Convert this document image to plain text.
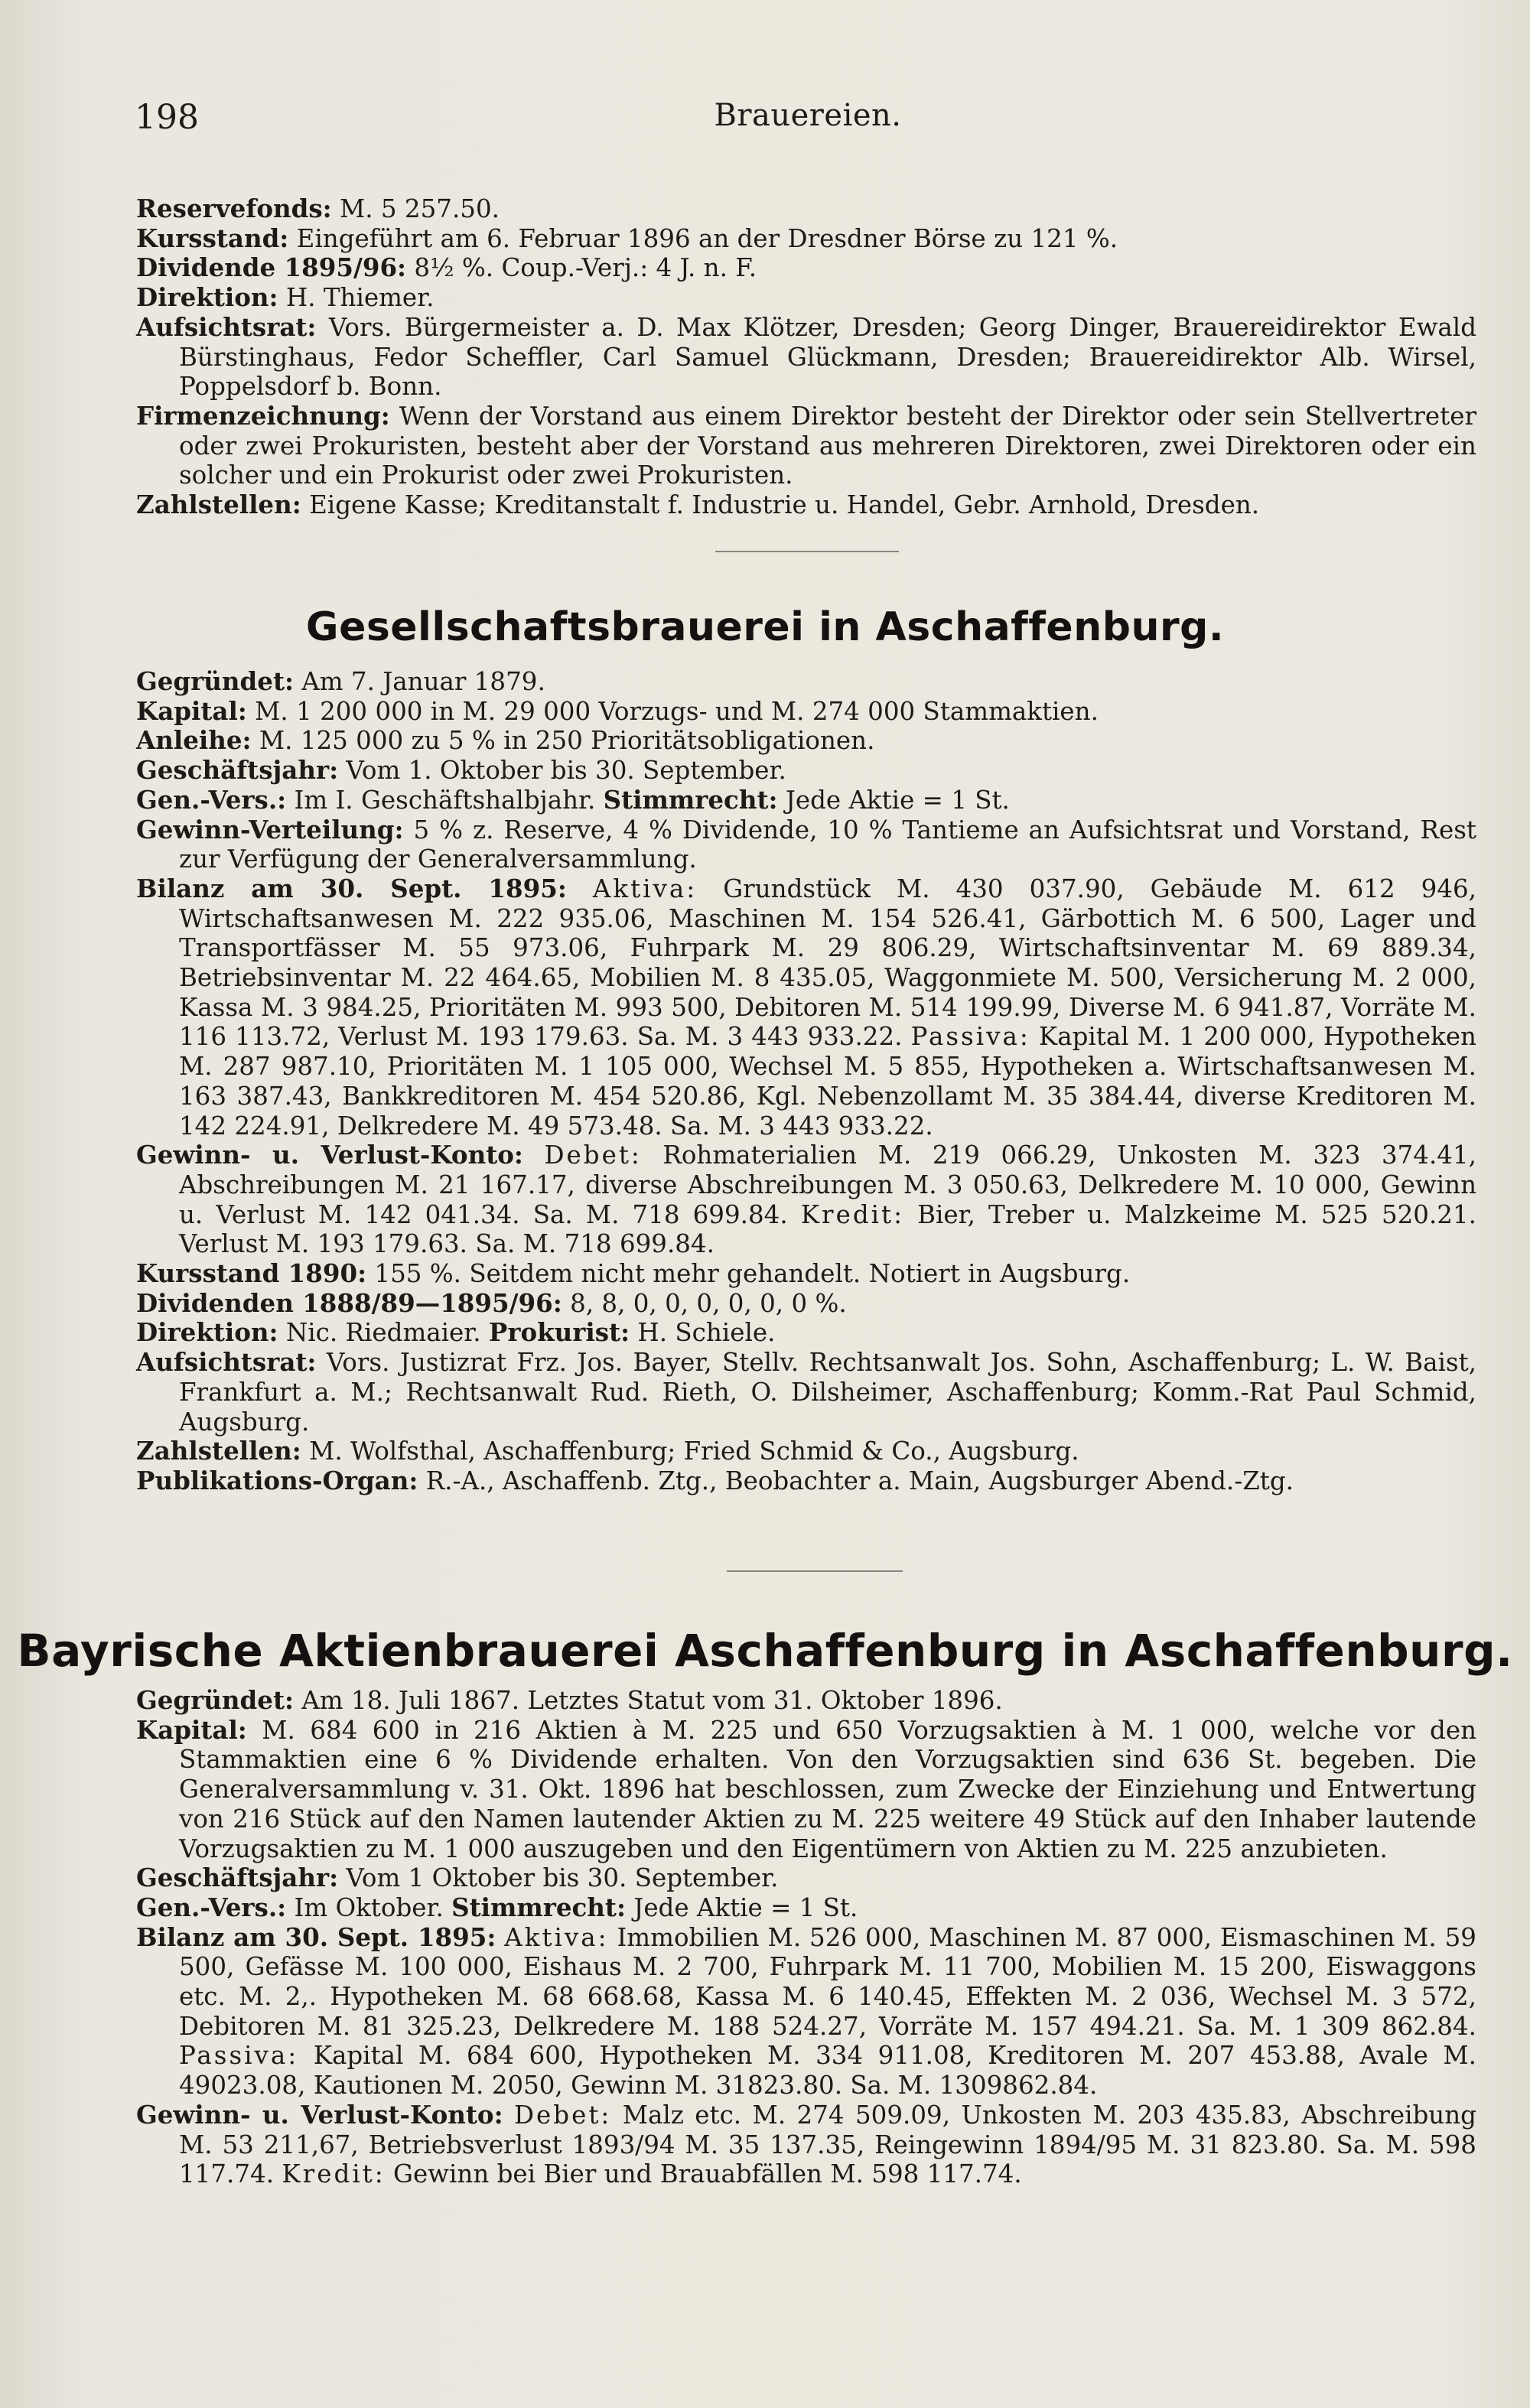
198	Brauereien.

Reservefonds: M. 5 257.50.

Kursstand: Eingeführt am 6. Februar 1896 an der Dresdner Börse zu 121 %.

Dividende 1895/96: 8½ %. Coup.-Verj.: 4 J. n. F.

Direktion: H. Thiemer.

Aufsichtsrat: Vors. Bürgermeister a. D. Max Klötzer, Dresden; Georg Dinger, Brauereidirektor Ewald Bürstinghaus, Fedor Scheffler, Carl Samuel Glückmann, Dresden; Brauereidirektor Alb. Wirsel, Poppelsdorf b. Bonn.

Firmenzeichnung: Wenn der Vorstand aus einem Direktor besteht der Direktor oder sein Stellvertreter oder zwei Prokuristen, besteht aber der Vorstand aus mehreren Direktoren, zwei Direktoren oder ein solcher und ein Prokurist oder zwei Prokuristen.

Zahlstellen: Eigene Kasse; Kreditanstalt f. Industrie u. Handel, Gebr. Arnhold, Dresden.

Gesellschaftsbrauerei in Aschaffenburg.

Gegründet: Am 7. Januar 1879.

Kapital: M. 1 200 000 in M. 29 000 Vorzugs- und M. 274 000 Stammaktien.

Anleihe: M. 125 000 zu 5 % in 250 Prioritätsobligationen.

Geschäftsjahr: Vom 1. Oktober bis 30. September.

Gen.-Vers.: Im I. Geschäftshalbjahr. Stimmrecht: Jede Aktie = 1 St.

Gewinn-Verteilung: 5 % z. Reserve, 4 % Dividende, 10 % Tantieme an Aufsichtsrat und Vorstand, Rest zur Verfügung der Generalversammlung.

Bilanz am 30. Sept. 1895: Aktiva: Grundstück M. 430 037.90, Gebäude M. 612 946, Wirtschaftsanwesen M. 222 935.06, Maschinen M. 154 526.41, Gärbottich M. 6 500, Lager und Transportfässer M. 55 973.06, Fuhrpark M. 29 806.29, Wirtschaftsinventar M. 69 889.34, Betriebsinventar M. 22 464.65, Mobilien M. 8 435.05, Waggonmiete M. 500, Versicherung M. 2 000, Kassa M. 3 984.25, Prioritäten M. 993 500, Debitoren M. 514 199.99, Diverse M. 6 941.87, Vorräte M. 116 113.72, Verlust M. 193 179.63. Sa. M. 3 443 933.22. Passiva: Kapital M. 1 200 000, Hypotheken M. 287 987.10, Prioritäten M. 1 105 000, Wechsel M. 5 855, Hypotheken a. Wirtschaftsanwesen M. 163 387.43, Bankkreditoren M. 454 520.86, Kgl. Nebenzollamt M. 35 384.44, diverse Kreditoren M. 142 224.91, Delkredere M. 49 573.48. Sa. M. 3 443 933.22.

Gewinn- u. Verlust-Konto: Debet: Rohmaterialien M. 219 066.29, Unkosten M. 323 374.41, Abschreibungen M. 21 167.17, diverse Abschreibungen M. 3 050.63, Delkredere M. 10 000, Gewinn u. Verlust M. 142 041.34. Sa. M. 718 699.84. Kredit: Bier, Treber u. Malzkeime M. 525 520.21. Verlust M. 193 179.63. Sa. M. 718 699.84.

Kursstand 1890: 155 %. Seitdem nicht mehr gehandelt. Notiert in Augsburg.

Dividenden 1888/89—1895/96: 8, 8, 0, 0, 0, 0, 0, 0 %.

Direktion: Nic. Riedmaier. Prokurist: H. Schiele.

Aufsichtsrat: Vors. Justizrat Frz. Jos. Bayer, Stellv. Rechtsanwalt Jos. Sohn, Aschaffenburg; L. W. Baist, Frankfurt a. M.; Rechtsanwalt Rud. Rieth, O. Dilsheimer, Aschaffenburg; Komm.-Rat Paul Schmid, Augsburg.

Zahlstellen: M. Wolfsthal, Aschaffenburg; Fried Schmid & Co., Augsburg.

Publikations-Organ: R.-A., Aschaffenb. Ztg., Beobachter a. Main, Augsburger Abend.-Ztg.

Bayrische Aktienbrauerei Aschaffenburg in Aschaffenburg.

Gegründet: Am 18. Juli 1867. Letztes Statut vom 31. Oktober 1896.

Kapital: M. 684 600 in 216 Aktien à M. 225 und 650 Vorzugsaktien à M. 1 000, welche vor den Stammaktien eine 6 % Dividende erhalten. Von den Vorzugsaktien sind 636 St. begeben. Die Generalversammlung v. 31. Okt. 1896 hat beschlossen, zum Zwecke der Einziehung und Entwertung von 216 Stück auf den Namen lautender Aktien zu M. 225 weitere 49 Stück auf den Inhaber lautende Vorzugsaktien zu M. 1 000 auszugeben und den Eigentümern von Aktien zu M. 225 anzubieten.

Geschäftsjahr: Vom 1 Oktober bis 30. September.

Gen.-Vers.: Im Oktober. Stimmrecht: Jede Aktie = 1 St.

Bilanz am 30. Sept. 1895: Aktiva: Immobilien M. 526 000, Maschinen M. 87 000, Eismaschinen M. 59 500, Gefässe M. 100 000, Eishaus M. 2 700, Fuhrpark M. 11 700, Mobilien M. 15 200, Eiswaggons etc. M. 2,. Hypotheken M. 68 668.68, Kassa M. 6 140.45, Effekten M. 2 036, Wechsel M. 3 572, Debitoren M. 81 325.23, Delkredere M. 188 524.27, Vorräte M. 157 494.21. Sa. M. 1 309 862.84. Passiva: Kapital M. 684 600, Hypotheken M. 334 911.08, Kreditoren M. 207 453.88, Avale M. 49023.08, Kautionen M. 2050, Gewinn M. 31823.80. Sa. M. 1309862.84.

Gewinn- u. Verlust-Konto: Debet: Malz etc. M. 274 509.09, Unkosten M. 203 435.83, Abschreibung M. 53 211,67, Betriebsverlust 1893/94 M. 35 137.35, Reingewinn 1894/95 M. 31 823.80. Sa. M. 598 117.74. Kredit: Gewinn bei Bier und Brauabfällen M. 598 117.74.
